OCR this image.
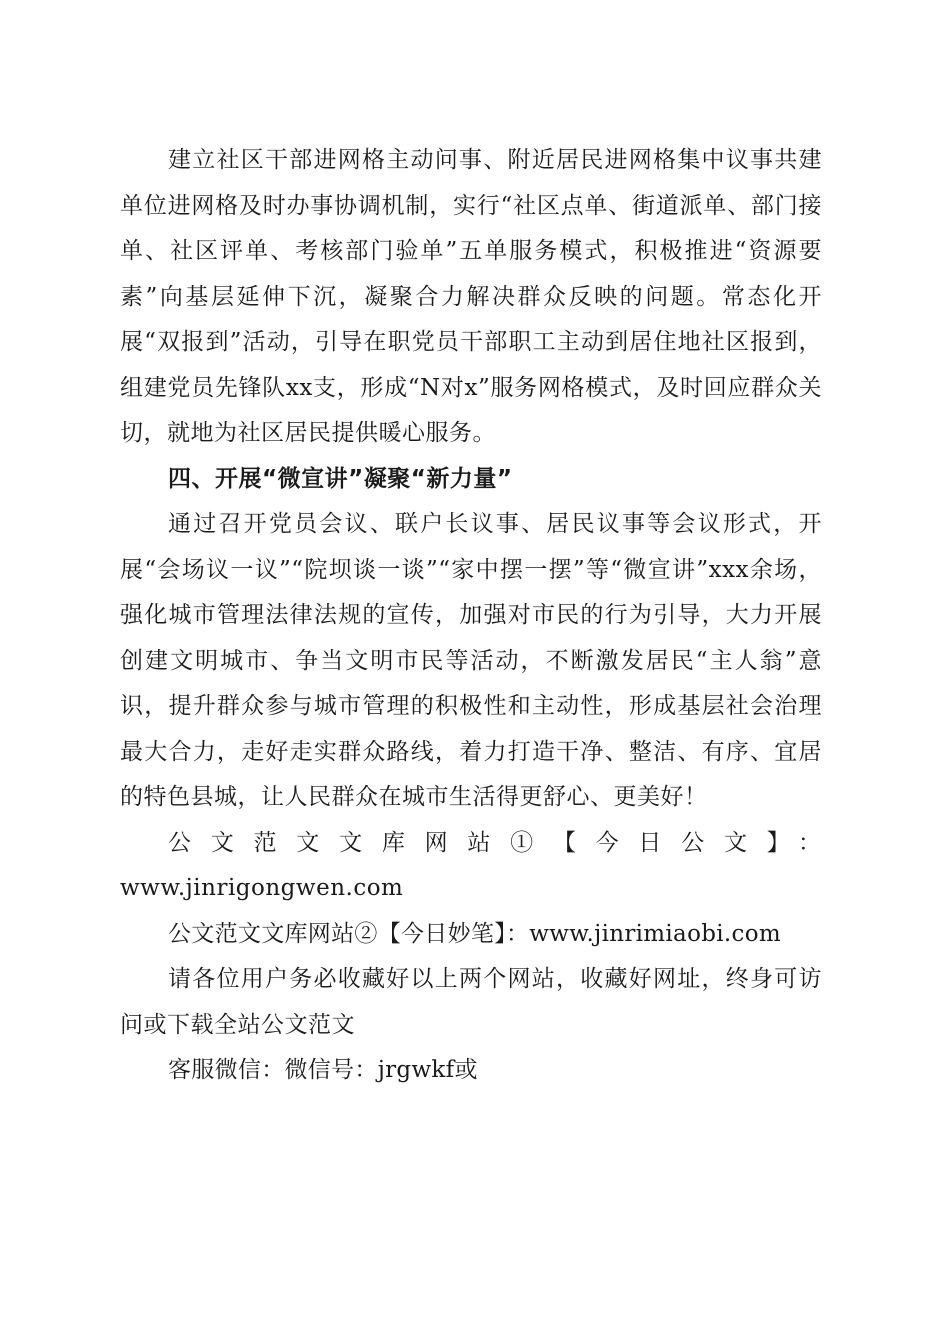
建立社区干部进网格主动问事、附近居民进网格集中议事共建单位进网格及时办事协调机制，实行“社区点单、街道派单、部门接单、社区评单、考核部门验单”五单服务模式，积极推进“资源要素”向基层延伸下沉，凝聚合力解决群众反映的问题。常态化开展“双报到”活动，引导在职党员干部职工主动到居住地社区报到，组建党员先锋队xx支，形成“N对x”服务网格模式，及时回应群众关切，就地为社区居民提供暖心服务。

四、开展“微宣讲”凝聚“新力量”

通过召开党员会议、联户长议事、居民议事等会议形式，开展“会场议一议”“院坝谈一谈”“家中摆一摆”等“微宣讲”xxx余场，强化城市管理法律法规的宣传，加强对市民的行为引导，大力开展创建文明城市、争当文明市民等活动，不断激发居民“主人翁”意识，提升群众参与城市管理的积极性和主动性，形成基层社会治理最大合力，走好走实群众路线，着力打造干净、整洁、有序、宜居的特色县城，让人民群众在城市生活得更舒心、更美好！

公文范文文库网站①【今日公文】：

www.jinrigongwen.com

公文范文文库网站②【今日妙笔】：www.jinrimiaobi.com

请各位用户务必收藏好以上两个网站，收藏好网址，终身可访问或下载全站公文范文

客服微信：微信号：jrgwkf或
